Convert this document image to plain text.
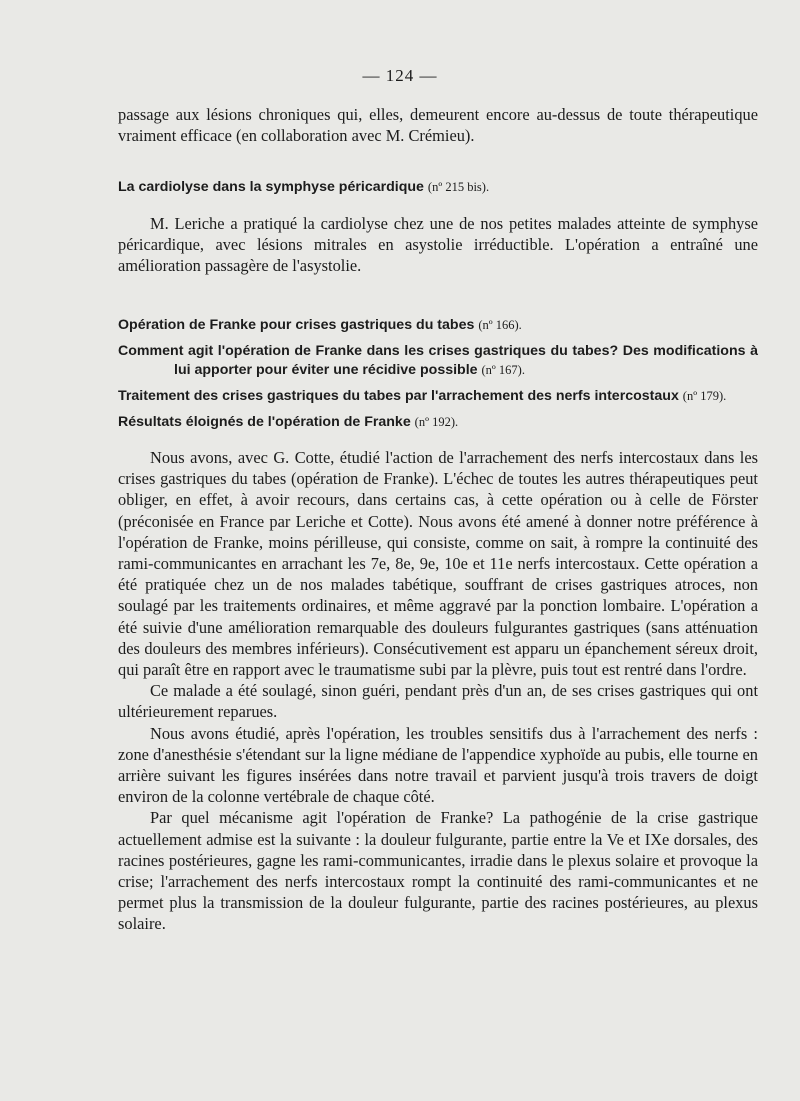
— 124 —

passage aux lésions chroniques qui, elles, demeurent encore au-dessus de toute thérapeutique vraiment efficace (en collaboration avec M. Crémieu).

La cardiolyse dans la symphyse péricardique (nº 215 bis).

M. Leriche a pratiqué la cardiolyse chez une de nos petites malades atteinte de symphyse péricardique, avec lésions mitrales en asystolie irréductible. L'opération a entraîné une amélioration passagère de l'asystolie.

Opération de Franke pour crises gastriques du tabes (nº 166).

Comment agit l'opération de Franke dans les crises gastriques du tabes? Des modifications à lui apporter pour éviter une récidive possible (nº 167).

Traitement des crises gastriques du tabes par l'arrachement des nerfs intercostaux (nº 179).

Résultats éloignés de l'opération de Franke (nº 192).

Nous avons, avec G. Cotte, étudié l'action de l'arrachement des nerfs intercostaux dans les crises gastriques du tabes (opération de Franke). L'échec de toutes les autres thérapeutiques peut obliger, en effet, à avoir recours, dans certains cas, à cette opération ou à celle de Förster (préconisée en France par Leriche et Cotte). Nous avons été amené à donner notre préférence à l'opération de Franke, moins périlleuse, qui consiste, comme on sait, à rompre la continuité des rami-communicantes en arrachant les 7e, 8e, 9e, 10e et 11e nerfs intercostaux. Cette opération a été pratiquée chez un de nos malades tabétique, souffrant de crises gastriques atroces, non soulagé par les traitements ordinaires, et même aggravé par la ponction lombaire. L'opération a été suivie d'une amélioration remarquable des douleurs fulgurantes gastriques (sans atténuation des douleurs des membres inférieurs). Consécutivement est apparu un épanchement séreux droit, qui paraît être en rapport avec le traumatisme subi par la plèvre, puis tout est rentré dans l'ordre.

Ce malade a été soulagé, sinon guéri, pendant près d'un an, de ses crises gastriques qui ont ultérieurement reparues.

Nous avons étudié, après l'opération, les troubles sensitifs dus à l'arrachement des nerfs : zone d'anesthésie s'étendant sur la ligne médiane de l'appendice xyphoïde au pubis, elle tourne en arrière suivant les figures insérées dans notre travail et parvient jusqu'à trois travers de doigt environ de la colonne vertébrale de chaque côté.

Par quel mécanisme agit l'opération de Franke? La pathogénie de la crise gastrique actuellement admise est la suivante : la douleur fulgurante, partie entre la Ve et IXe dorsales, des racines postérieures, gagne les rami-communicantes, irradie dans le plexus solaire et provoque la crise; l'arrachement des nerfs intercostaux rompt la continuité des rami-communicantes et ne permet plus la transmission de la douleur fulgurante, partie des racines postérieures, au plexus solaire.
